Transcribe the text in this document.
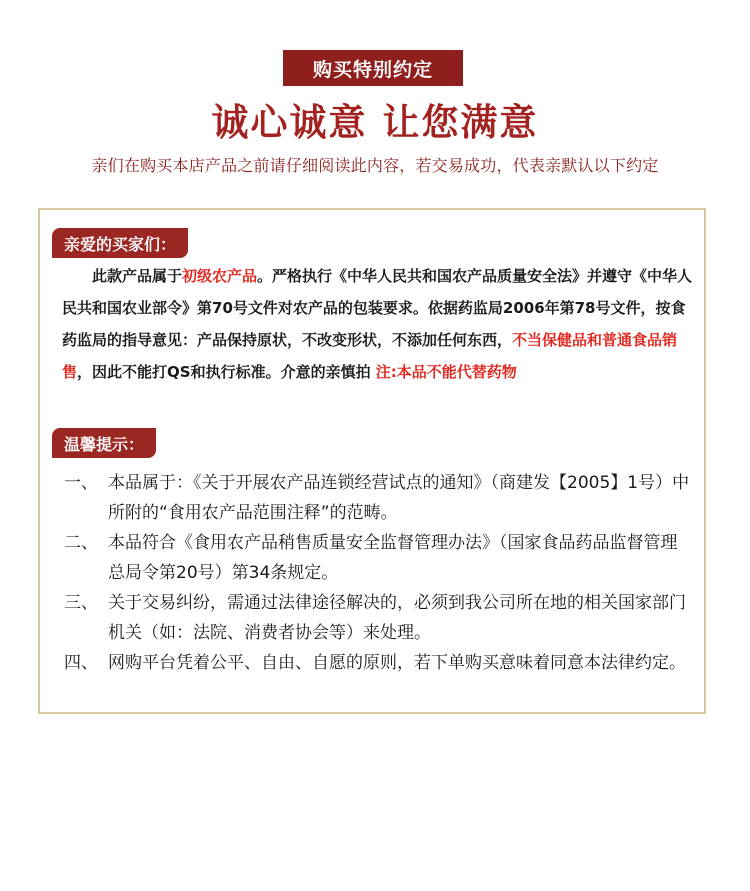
购买特别约定
诚心诚意 让您满意
亲们在购买本店产品之前请仔细阅读此内容，若交易成功，代表亲默认以下约定
亲爱的买家们：
此款产品属于初级农产品。严格执行《中华人民共和国农产品质量安全法》并遵守《中华人民共和国农业部令》第70号文件对农产品的包装要求。依据药监局2006年第78号文件，按食药监局的指导意见：产品保持原状，不改变形状，不添加任何东西，不当保健品和普通食品销售，因此不能打QS和执行标准。介意的亲慎拍 注:本品不能代替药物
温馨提示：
一、 本品属于：《关于开展农产品连锁经营试点的通知》（商建发【2005】1号）中所附的“食用农产品范围注释”的范畴。
二、 本品符合《食用农产品稍售质量安全监督管理办法》（国家食品药品监督管理总局令第20号）第34条规定。
三、 关于交易纠纷，需通过法律途径解决的，必须到我公司所在地的相关国家部门机关（如：法院、消费者协会等）来处理。
四、 网购平台凭着公平、自由、自愿的原则，若下单购买意味着同意本法律约定。
